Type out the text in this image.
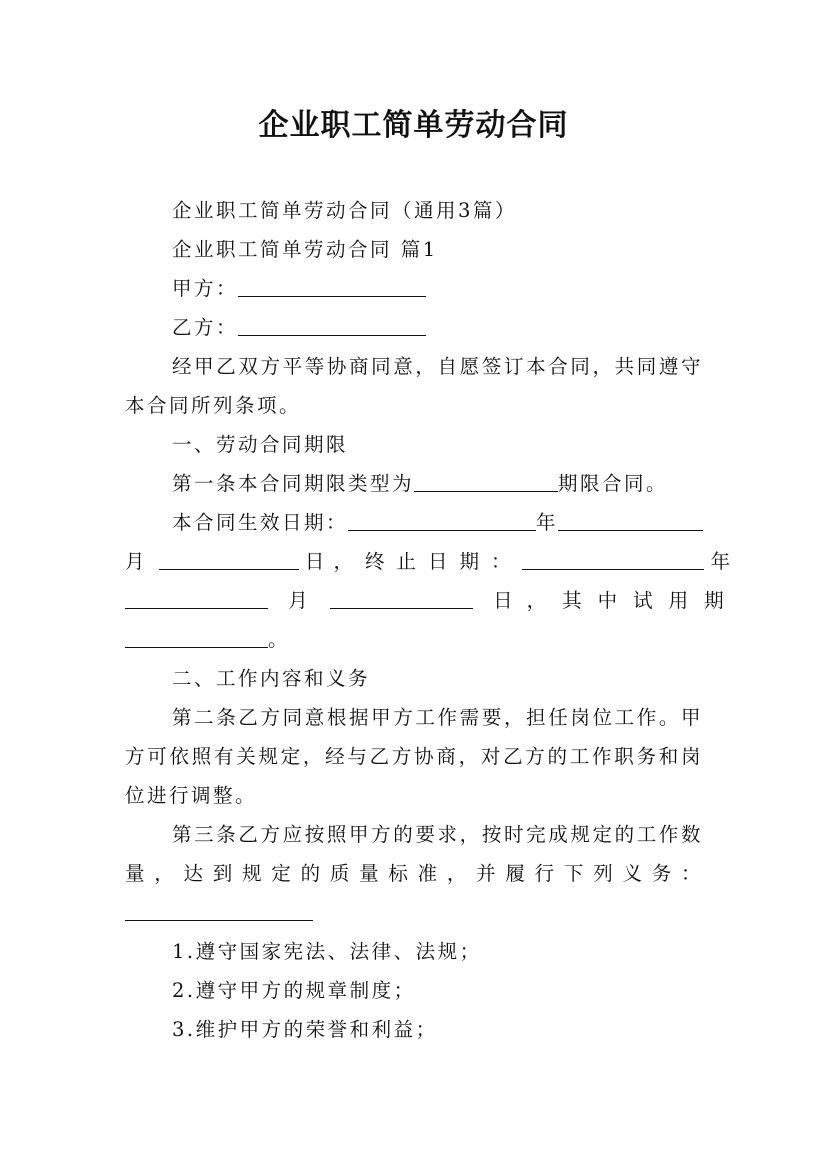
企业职工简单劳动合同
企业职工简单劳动合同（通用3篇）
企业职工简单劳动合同 篇1
甲方：
乙方：
经甲乙双方平等协商同意，自愿签订本合同，共同遵守
本合同所列条项。
一、劳动合同期限
第一条本合同期限类型为	期限合同。
本合同生效日期：	年
月	日，终止日期：	年
月	日，其中试用期
。
二、工作内容和义务
第二条乙方同意根据甲方工作需要，担任岗位工作。甲
方可依照有关规定，经与乙方协商，对乙方的工作职务和岗
位进行调整。
第三条乙方应按照甲方的要求，按时完成规定的工作数
量，达到规定的质量标准，并履行下列义务：
1.遵守国家宪法、法律、法规；
2.遵守甲方的规章制度；
3.维护甲方的荣誉和利益；
